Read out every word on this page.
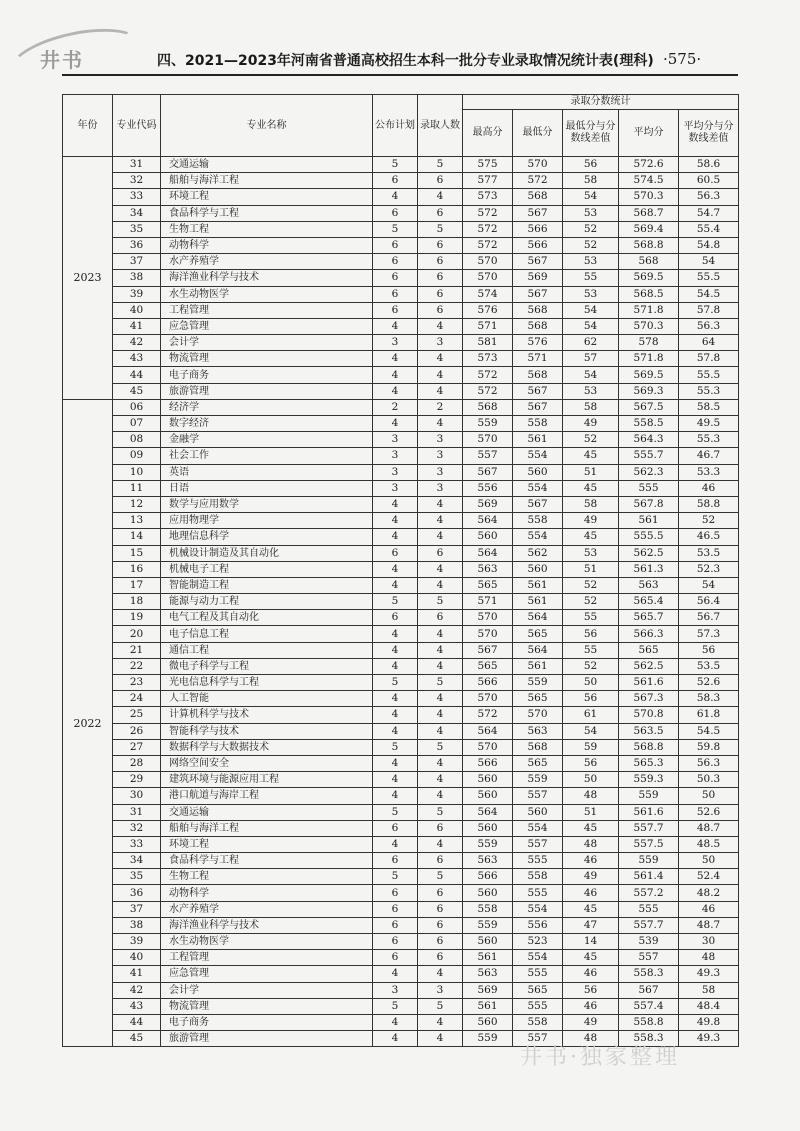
井书	四、2021—2023年河南省普通高校招生本科一批分专业录取情况统计表(理科) ·575·
年份	专业代码	专业名称	公布计划	录取人数	录取分数统计				
					最高分	最低分	最低分与分数线差值	平均分	平均分与分数线差值
2023	31	交通运输	5	5	575	570	56	572.6	58.6
	32	船舶与海洋工程	6	6	577	572	58	574.5	60.5
	33	环境工程	4	4	573	568	54	570.3	56.3
	34	食品科学与工程	6	6	572	567	53	568.7	54.7
	35	生物工程	5	5	572	566	52	569.4	55.4
	36	动物科学	6	6	572	566	52	568.8	54.8
	37	水产养殖学	6	6	570	567	53	568	54
	38	海洋渔业科学与技术	6	6	570	569	55	569.5	55.5
	39	水生动物医学	6	6	574	567	53	568.5	54.5
	40	工程管理	6	6	576	568	54	571.8	57.8
	41	应急管理	4	4	571	568	54	570.3	56.3
	42	会计学	3	3	581	576	62	578	64
	43	物流管理	4	4	573	571	57	571.8	57.8
	44	电子商务	4	4	572	568	54	569.5	55.5
	45	旅游管理	4	4	572	567	53	569.3	55.3
2022	06	经济学	2	2	568	567	58	567.5	58.5
	07	数字经济	4	4	559	558	49	558.5	49.5
	08	金融学	3	3	570	561	52	564.3	55.3
	09	社会工作	3	3	557	554	45	555.7	46.7
	10	英语	3	3	567	560	51	562.3	53.3
	11	日语	3	3	556	554	45	555	46
	12	数学与应用数学	4	4	569	567	58	567.8	58.8
	13	应用物理学	4	4	564	558	49	561	52
	14	地理信息科学	4	4	560	554	45	555.5	46.5
	15	机械设计制造及其自动化	6	6	564	562	53	562.5	53.5
	16	机械电子工程	4	4	563	560	51	561.3	52.3
	17	智能制造工程	4	4	565	561	52	563	54
	18	能源与动力工程	5	5	571	561	52	565.4	56.4
	19	电气工程及其自动化	6	6	570	564	55	565.7	56.7
	20	电子信息工程	4	4	570	565	56	566.3	57.3
	21	通信工程	4	4	567	564	55	565	56
	22	微电子科学与工程	4	4	565	561	52	562.5	53.5
	23	光电信息科学与工程	5	5	566	559	50	561.6	52.6
	24	人工智能	4	4	570	565	56	567.3	58.3
	25	计算机科学与技术	4	4	572	570	61	570.8	61.8
	26	智能科学与技术	4	4	564	563	54	563.5	54.5
	27	数据科学与大数据技术	5	5	570	568	59	568.8	59.8
	28	网络空间安全	4	4	566	565	56	565.3	56.3
	29	建筑环境与能源应用工程	4	4	560	559	50	559.3	50.3
	30	港口航道与海岸工程	4	4	560	557	48	559	50
	31	交通运输	5	5	564	560	51	561.6	52.6
	32	船舶与海洋工程	6	6	560	554	45	557.7	48.7
	33	环境工程	4	4	559	557	48	557.5	48.5
	34	食品科学与工程	6	6	563	555	46	559	50
	35	生物工程	5	5	566	558	49	561.4	52.4
	36	动物科学	6	6	560	555	46	557.2	48.2
	37	水产养殖学	6	6	558	554	45	555	46
	38	海洋渔业科学与技术	6	6	559	556	47	557.7	48.7
	39	水生动物医学	6	6	560	523	14	539	30
	40	工程管理	6	6	561	554	45	557	48
	41	应急管理	4	4	563	555	46	558.3	49.3
	42	会计学	3	3	569	565	56	567	58
	43	物流管理	5	5	561	555	46	557.4	48.4
	44	电子商务	4	4	560	558	49	558.8	49.8
	45	旅游管理	4	4	559	557	48	558.3	49.3
井书·独家整理
